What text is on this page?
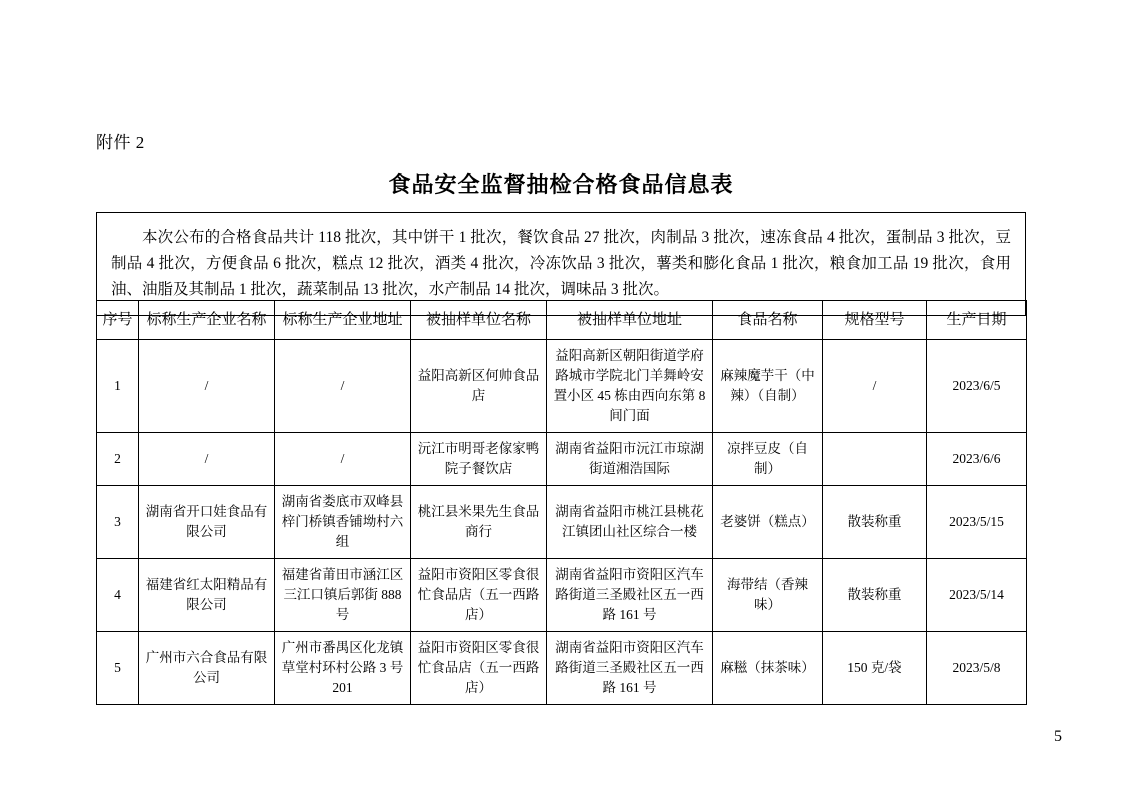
附件 2
食品安全监督抽检合格食品信息表

本次公布的合格食品共计 118 批次，其中饼干 1 批次，餐饮食品 27 批次，肉制品 3 批次，速冻食品 4 批次，蛋制品 3 批次，豆制品 4 批次，方便食品 6 批次，糕点 12 批次，酒类 4 批次，冷冻饮品 3 批次，薯类和膨化食品 1 批次，粮食加工品 19 批次，食用油、油脂及其制品 1 批次，蔬菜制品 13 批次，水产制品 14 批次，调味品 3 批次。

序号	标称生产企业名称	标称生产企业地址	被抽样单位名称	被抽样单位地址	食品名称	规格型号	生产日期
1	/	/	益阳高新区何帅食品店	益阳高新区朝阳街道学府路城市学院北门羊舞岭安置小区 45 栋由西向东第 8 间门面	麻辣魔芋干（中辣）（自制）	/	2023/6/5
2	/	/	沅江市明哥老傢家鸭院子餐饮店	湖南省益阳市沅江市琼湖街道湘浩国际	凉拌豆皮（自制）		2023/6/6
3	湖南省开口娃食品有限公司	湖南省娄底市双峰县梓门桥镇香铺坳村六组	桃江县米果先生食品商行	湖南省益阳市桃江县桃花江镇团山社区综合一楼	老婆饼（糕点）	散装称重	2023/5/15
4	福建省红太阳精品有限公司	福建省莆田市涵江区三江口镇后郭街 888 号	益阳市资阳区零食很忙食品店（五一西路店）	湖南省益阳市资阳区汽车路街道三圣殿社区五一西路 161 号	海带结（香辣味）	散装称重	2023/5/14
5	广州市六合食品有限公司	广州市番禺区化龙镇草堂村环村公路 3 号 201	益阳市资阳区零食很忙食品店（五一西路店）	湖南省益阳市资阳区汽车路街道三圣殿社区五一西路 161 号	麻糍（抹茶味）	150 克/袋	2023/5/8
5
